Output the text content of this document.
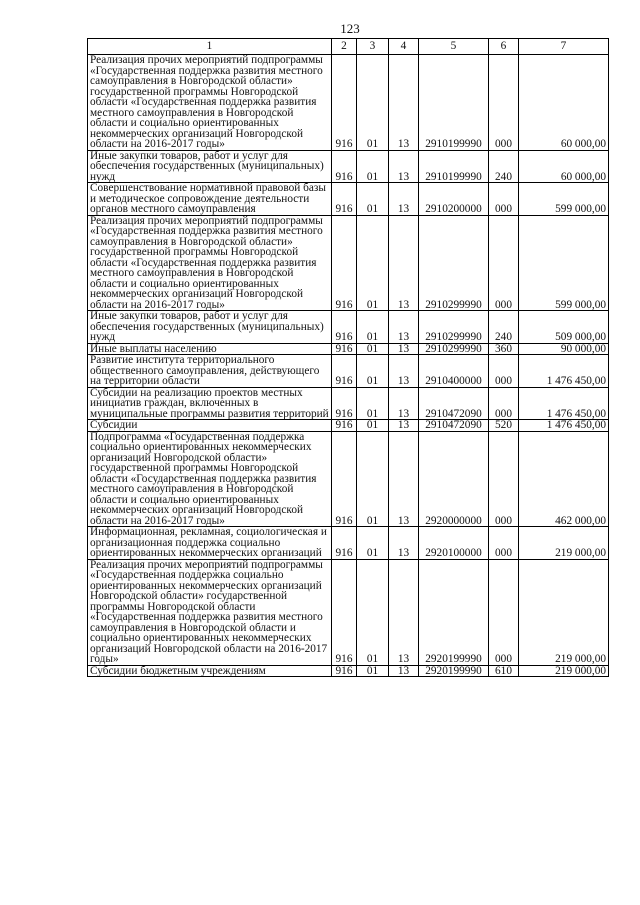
123
1	2	3	4	5	6	7
Реализация прочих мероприятий подпрограммы «Государственная поддержка развития местного самоуправления в Новгородской области» государственной программы Новгородской области «Государственная поддержка развития местного самоуправления в Новгородской области и социально ориентированных некоммерческих организаций Новгородской области на 2016-2017 годы»	916	01	13	2910199990	000	60 000,00
Иные закупки товаров, работ и услуг для обеспечения государственных (муниципальных) нужд	916	01	13	2910199990	240	60 000,00
Совершенствование нормативной правовой базы и методическое сопровождение деятельности органов местного самоуправления	916	01	13	2910200000	000	599 000,00
Реализация прочих мероприятий подпрограммы «Государственная поддержка развития местного самоуправления в Новгородской области» государственной программы Новгородской области «Государственная поддержка развития местного самоуправления в Новгородской области и социально ориентированных некоммерческих организаций Новгородской области на 2016-2017 годы»	916	01	13	2910299990	000	599 000,00
Иные закупки товаров, работ и услуг для обеспечения государственных (муниципальных) нужд	916	01	13	2910299990	240	509 000,00
Иные выплаты населению	916	01	13	2910299990	360	90 000,00
Развитие института территориального общественного самоуправления, действующего на территории области	916	01	13	2910400000	000	1 476 450,00
Субсидии на реализацию проектов местных инициатив граждан, включенных в муниципальные программы развития территорий	916	01	13	2910472090	000	1 476 450,00
Субсидии	916	01	13	2910472090	520	1 476 450,00
Подпрограмма «Государственная поддержка социально ориентированных некоммерческих организаций Новгородской области» государственной программы Новгородской области «Государственная поддержка развития местного самоуправления в Новгородской области и социально ориентированных некоммерческих организаций Новгородской области на 2016-2017 годы»	916	01	13	2920000000	000	462 000,00
Информационная, рекламная, социологическая и организационная поддержка социально ориентированных некоммерческих организаций	916	01	13	2920100000	000	219 000,00
Реализация прочих мероприятий подпрограммы «Государственная поддержка социально ориентированных некоммерческих организаций Новгородской области» государственной программы Новгородской области «Государственная поддержка развития местного самоуправления в Новгородской области и социально ориентированных некоммерческих организаций Новгородской области на 2016-2017 годы»	916	01	13	2920199990	000	219 000,00
Субсидии бюджетным учреждениям	916	01	13	2920199990	610	219 000,00
